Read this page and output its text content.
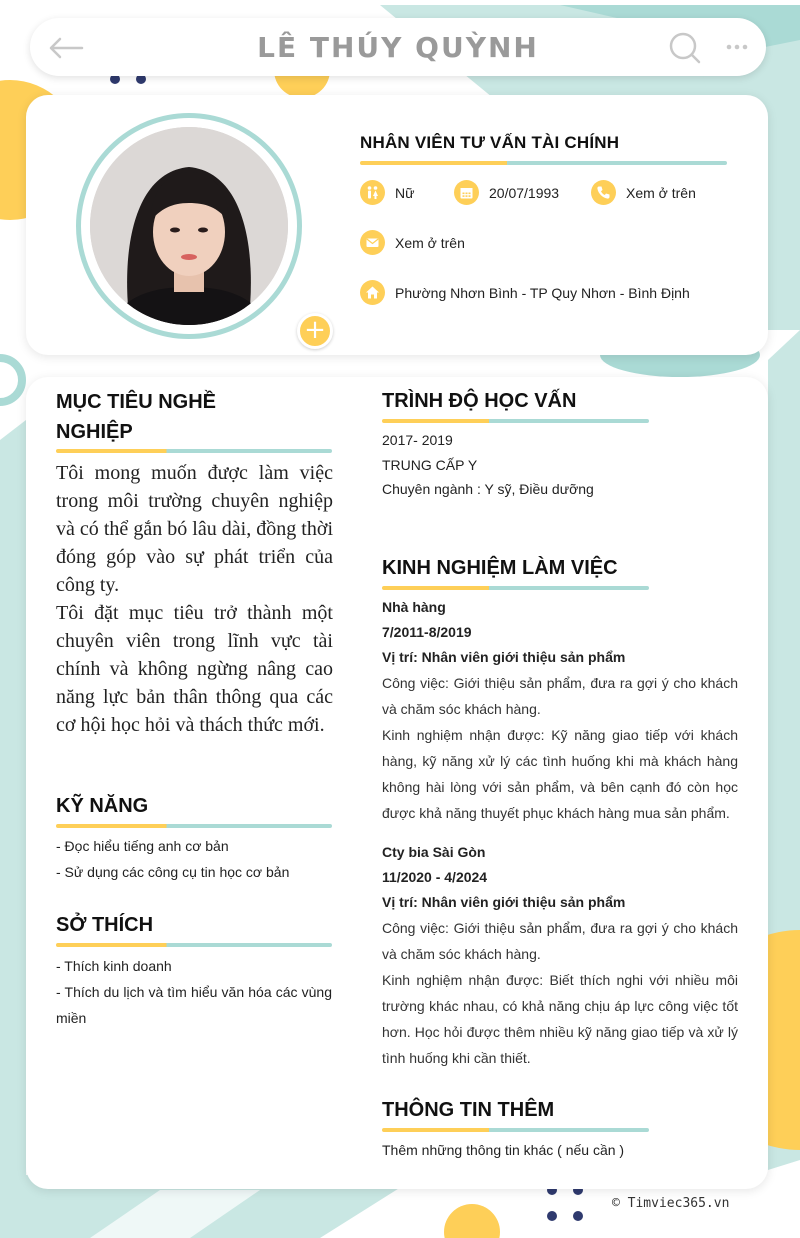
LÊ THÚY QUỲNH
+
NHÂN VIÊN TƯ VẤN TÀI CHÍNH
Nữ	20/07/1993	Xem ở trên
Xem ở trên
Phường Nhơn Bình - TP Quy Nhơn - Bình Định
MỤC TIÊU NGHỀ
NGHIỆP
Tôi mong muốn được làm việc trong môi trường chuyên nghiệp và có thể gắn bó lâu dài, đồng thời đóng góp vào sự phát triển của công ty.
Tôi đặt mục tiêu trở thành một chuyên viên trong lĩnh vực tài chính và không ngừng nâng cao năng lực bản thân thông qua các cơ hội học hỏi và thách thức mới.
KỸ NĂNG
- Đọc hiểu tiếng anh cơ bản
- Sử dụng các công cụ tin học cơ bản
SỞ THÍCH
- Thích kinh doanh
- Thích du lịch và tìm hiểu văn hóa các vùng miền
TRÌNH ĐỘ HỌC VẤN
2017- 2019
TRUNG CẤP Y
Chuyên ngành : Y sỹ, Điều dưỡng
KINH NGHIỆM LÀM VIỆC
Nhà hàng
7/2011-8/2019
Vị trí: Nhân viên giới thiệu sản phẩm
Công việc: Giới thiệu sản phẩm, đưa ra gợi ý cho khách và chăm sóc khách hàng.
Kinh nghiệm nhận được: Kỹ năng giao tiếp với khách hàng, kỹ năng xử lý các tình huống khi mà khách hàng không hài lòng với sản phẩm, và bên cạnh đó còn học được khả năng thuyết phục khách hàng mua sản phẩm.
Cty bia Sài Gòn
11/2020 - 4/2024
Vị trí: Nhân viên giới thiệu sản phẩm
Công việc: Giới thiệu sản phẩm, đưa ra gợi ý cho khách và chăm sóc khách hàng.
Kinh nghiệm nhận được: Biết thích nghi với nhiều môi trường khác nhau, có khả năng chịu áp lực công việc tốt hơn. Học hỏi được thêm nhiều kỹ năng giao tiếp và xử lý tình huống khi cần thiết.
THÔNG TIN THÊM
Thêm những thông tin khác ( nếu cần )
© Timviec365.vn
